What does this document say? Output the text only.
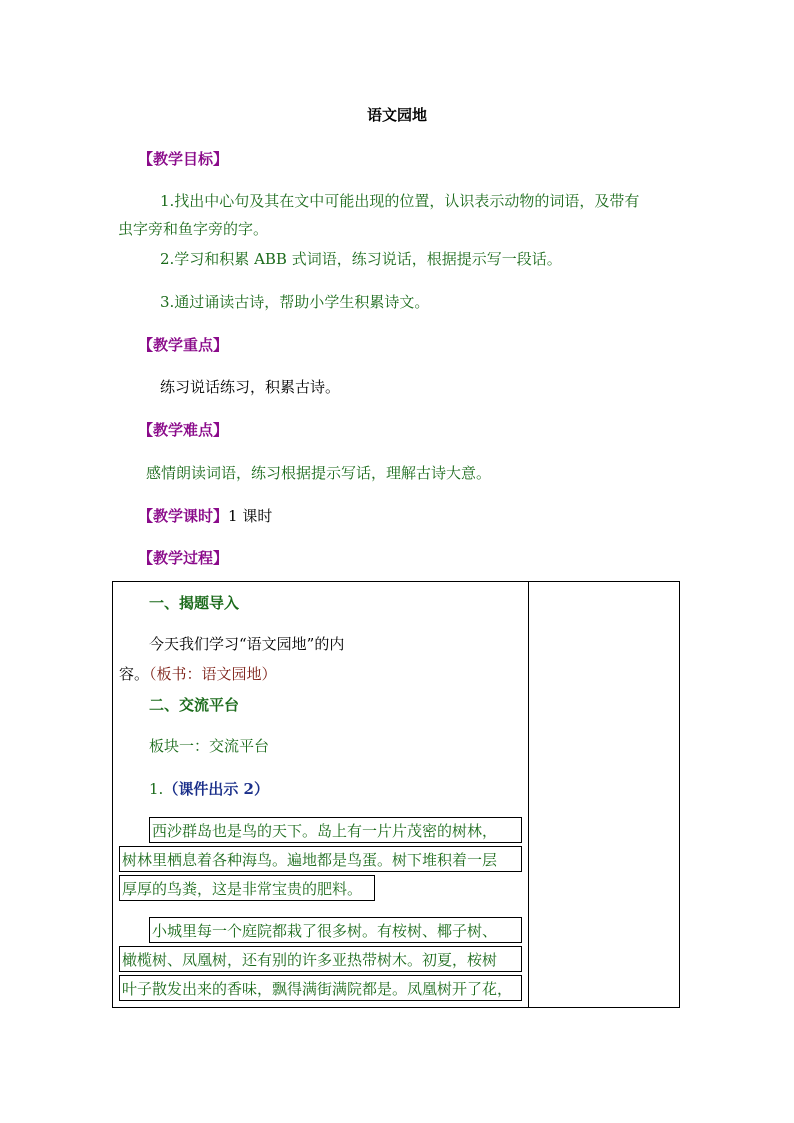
语文园地
【教学目标】
1.找出中心句及其在文中可能出现的位置，认识表示动物的词语，及带有
虫字旁和鱼字旁的字。
2.学习和积累 ABB 式词语，练习说话，根据提示写一段话。
3.通过诵读古诗，帮助小学生积累诗文。
【教学重点】
练习说话练习，积累古诗。
【教学难点】
感情朗读词语，练习根据提示写话，理解古诗大意。
【教学课时】1 课时
【教学过程】
一、揭题导入
今天我们学习“语文园地”的内
容。（板书：语文园地）
二、交流平台
板块一：交流平台
1.（课件出示 2）
西沙群岛也是鸟的天下。岛上有一片片茂密的树林，
树林里栖息着各种海鸟。遍地都是鸟蛋。树下堆积着一层
厚厚的鸟粪，这是非常宝贵的肥料。
小城里每一个庭院都栽了很多树。有桉树、椰子树、
橄榄树、凤凰树，还有别的许多亚热带树木。初夏，桉树
叶子散发出来的香味，飘得满街满院都是。凤凰树开了花，
